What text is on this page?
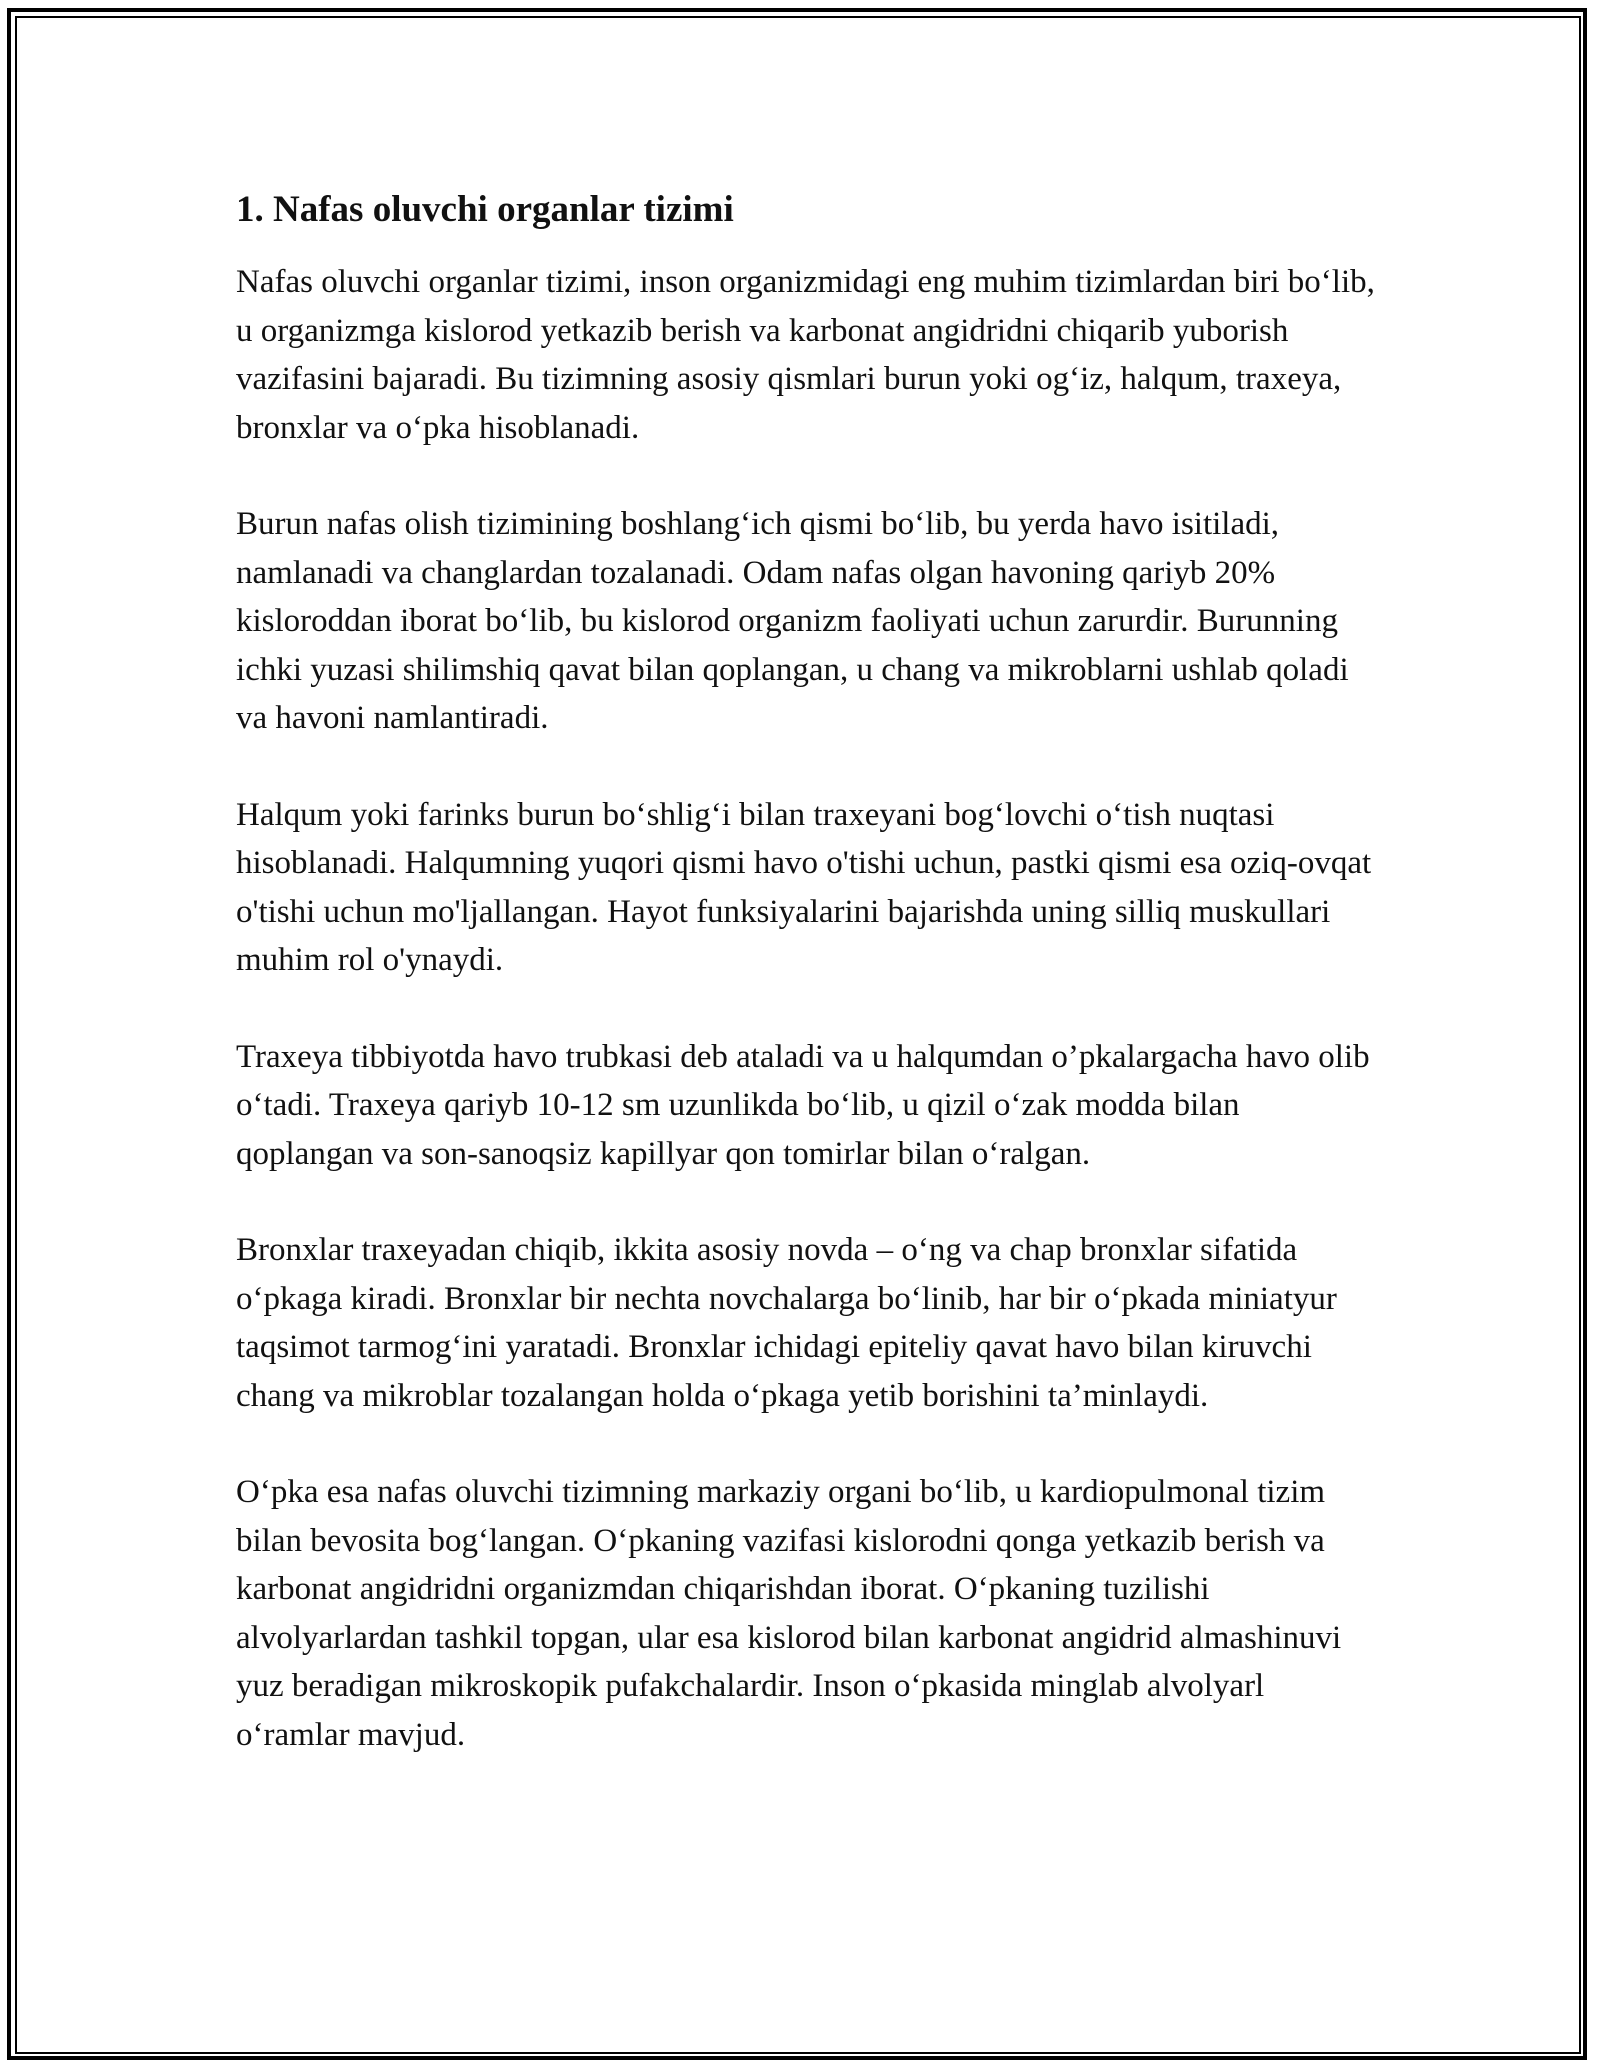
1. Nafas oluvchi organlar tizimi

Nafas oluvchi organlar tizimi, inson organizmidagi eng muhim tizimlardan biri bo‘lib, u organizmga kislorod yetkazib berish va karbonat angidridni chiqarib yuborish vazifasini bajaradi. Bu tizimning asosiy qismlari burun yoki og‘iz, halqum, traxeya, bronxlar va o‘pka hisoblanadi.

Burun nafas olish tizimining boshlang‘ich qismi bo‘lib, bu yerda havo isitiladi, namlanadi va changlardan tozalanadi. Odam nafas olgan havoning qariyb 20% kisloroddan iborat bo‘lib, bu kislorod organizm faoliyati uchun zarurdir. Burunning ichki yuzasi shilimshiq qavat bilan qoplangan, u chang va mikroblarni ushlab qoladi va havoni namlantiradi.

Halqum yoki farinks burun bo‘shlig‘i bilan traxeyani bog‘lovchi o‘tish nuqtasi hisoblanadi. Halqumning yuqori qismi havo o'tishi uchun, pastki qismi esa oziq-ovqat o'tishi uchun mo'ljallangan. Hayot funksiyalarini bajarishda uning silliq muskullari muhim rol o'ynaydi.

Traxeya tibbiyotda havo trubkasi deb ataladi va u halqumdan o’pkalargacha havo olib o‘tadi. Traxeya qariyb 10-12 sm uzunlikda bo‘lib, u qizil o‘zak modda bilan qoplangan va son-sanoqsiz kapillyar qon tomirlar bilan o‘ralgan.

Bronxlar traxeyadan chiqib, ikkita asosiy novda – o‘ng va chap bronxlar sifatida o‘pkaga kiradi. Bronxlar bir nechta novchalarga bo‘linib, har bir o‘pkada miniatyur taqsimot tarmog‘ini yaratadi. Bronxlar ichidagi epiteliy qavat havo bilan kiruvchi chang va mikroblar tozalangan holda o‘pkaga yetib borishini ta’minlaydi.

O‘pka esa nafas oluvchi tizimning markaziy organi bo‘lib, u kardiopulmonal tizim bilan bevosita bog‘langan. O‘pkaning vazifasi kislorodni qonga yetkazib berish va karbonat angidridni organizmdan chiqarishdan iborat. O‘pkaning tuzilishi alvolyarlardan tashkil topgan, ular esa kislorod bilan karbonat angidrid almashinuvi yuz beradigan mikroskopik pufakchalardir. Inson o‘pkasida minglab alvolyarl o‘ramlar mavjud.
